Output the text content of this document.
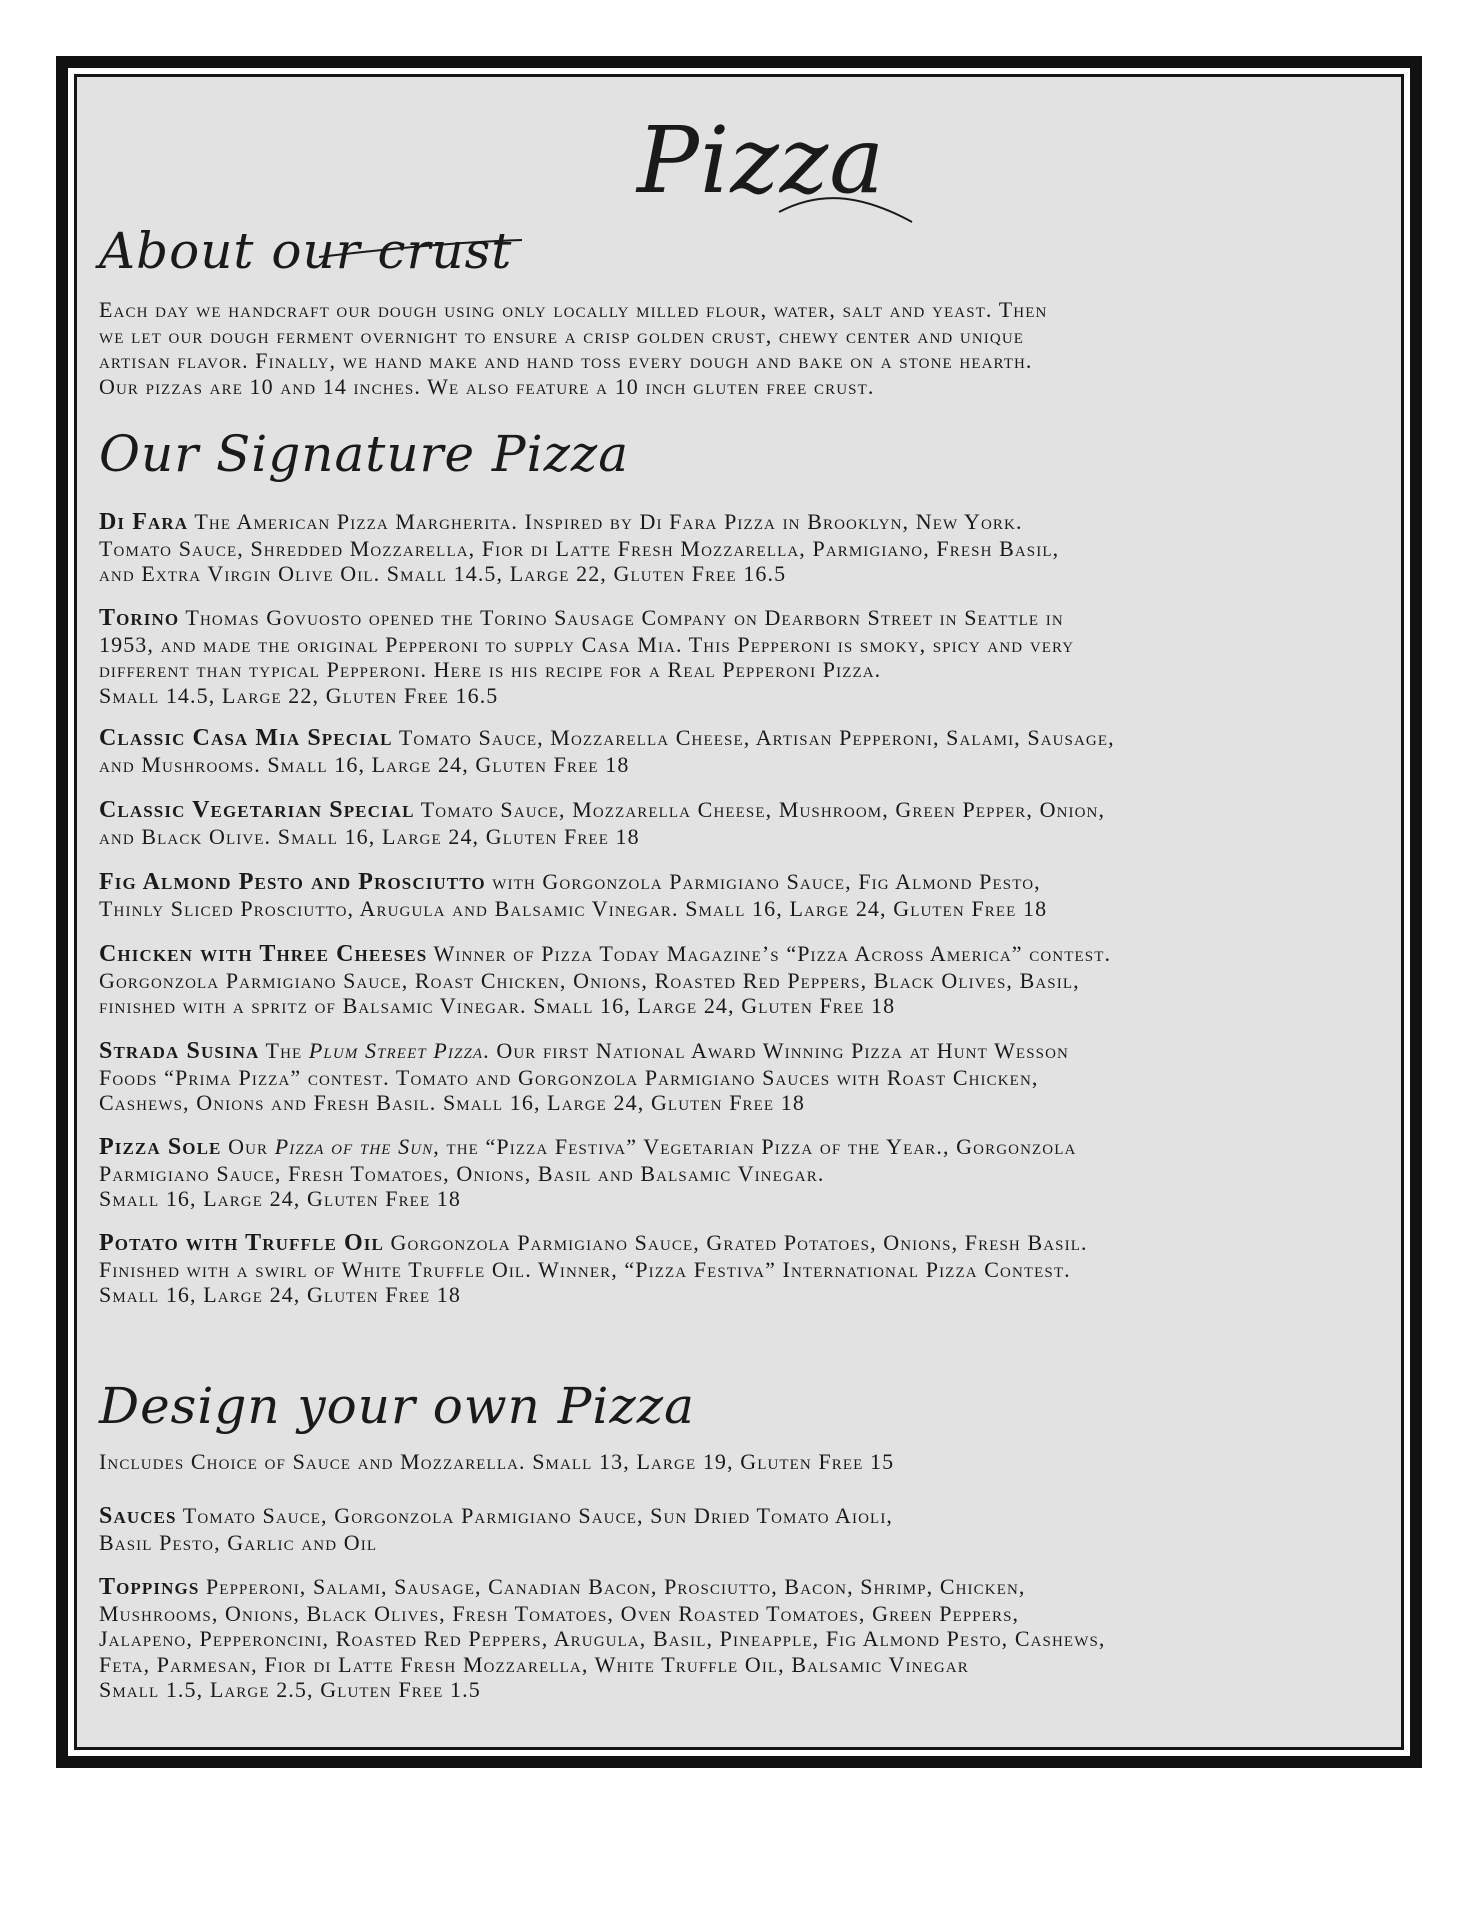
Pizza
About our crust

Each day we handcraft our dough using only locally milled flour, water, salt and yeast. Then
we let our dough ferment overnight to ensure a crisp golden crust, chewy center and unique
artisan flavor. Finally, we hand make and hand toss every dough and bake on a stone hearth.
Our pizzas are 10 and 14 inches. We also feature a 10 inch gluten free crust.

Our Signature Pizza

Di Fara The American Pizza Margherita. Inspired by Di Fara Pizza in Brooklyn, New York.
Tomato Sauce, Shredded Mozzarella, Fior di Latte Fresh Mozzarella, Parmigiano, Fresh Basil,
and Extra Virgin Olive Oil. Small 14.5, Large 22, Gluten Free 16.5

Torino Thomas Govuosto opened the Torino Sausage Company on Dearborn Street in Seattle in
1953, and made the original Pepperoni to supply Casa Mia. This Pepperoni is smoky, spicy and very
different than typical Pepperoni. Here is his recipe for a Real Pepperoni Pizza.
Small 14.5, Large 22, Gluten Free 16.5

Classic Casa Mia Special Tomato Sauce, Mozzarella Cheese, Artisan Pepperoni, Salami, Sausage,
and Mushrooms. Small 16, Large 24, Gluten Free 18

Classic Vegetarian Special Tomato Sauce, Mozzarella Cheese, Mushroom, Green Pepper, Onion,
and Black Olive. Small 16, Large 24, Gluten Free 18

Fig Almond Pesto and Prosciutto with Gorgonzola Parmigiano Sauce, Fig Almond Pesto,
Thinly Sliced Prosciutto, Arugula and Balsamic Vinegar. Small 16, Large 24, Gluten Free 18

Chicken with Three Cheeses Winner of Pizza Today Magazine’s “Pizza Across America” contest.
Gorgonzola Parmigiano Sauce, Roast Chicken, Onions, Roasted Red Peppers, Black Olives, Basil,
finished with a spritz of Balsamic Vinegar. Small 16, Large 24, Gluten Free 18

Strada Susina The Plum Street Pizza. Our first National Award Winning Pizza at Hunt Wesson
Foods “Prima Pizza” contest. Tomato and Gorgonzola Parmigiano Sauces with Roast Chicken,
Cashews, Onions and Fresh Basil. Small 16, Large 24, Gluten Free 18

Pizza Sole Our Pizza of the Sun, the “Pizza Festiva” Vegetarian Pizza of the Year., Gorgonzola
Parmigiano Sauce, Fresh Tomatoes, Onions, Basil and Balsamic Vinegar.
Small 16, Large 24, Gluten Free 18

Potato with Truffle Oil Gorgonzola Parmigiano Sauce, Grated Potatoes, Onions, Fresh Basil.
Finished with a swirl of White Truffle Oil. Winner, “Pizza Festiva” International Pizza Contest.
Small 16, Large 24, Gluten Free 18

Design your own Pizza

Includes Choice of Sauce and Mozzarella. Small 13, Large 19, Gluten Free 15

Sauces Tomato Sauce, Gorgonzola Parmigiano Sauce, Sun Dried Tomato Aioli,
Basil Pesto, Garlic and Oil

Toppings Pepperoni, Salami, Sausage, Canadian Bacon, Prosciutto, Bacon, Shrimp, Chicken,
Mushrooms, Onions, Black Olives, Fresh Tomatoes, Oven Roasted Tomatoes, Green Peppers,
Jalapeno, Pepperoncini, Roasted Red Peppers, Arugula, Basil, Pineapple, Fig Almond Pesto, Cashews,
Feta, Parmesan, Fior di Latte Fresh Mozzarella, White Truffle Oil, Balsamic Vinegar
Small 1.5, Large 2.5, Gluten Free 1.5
